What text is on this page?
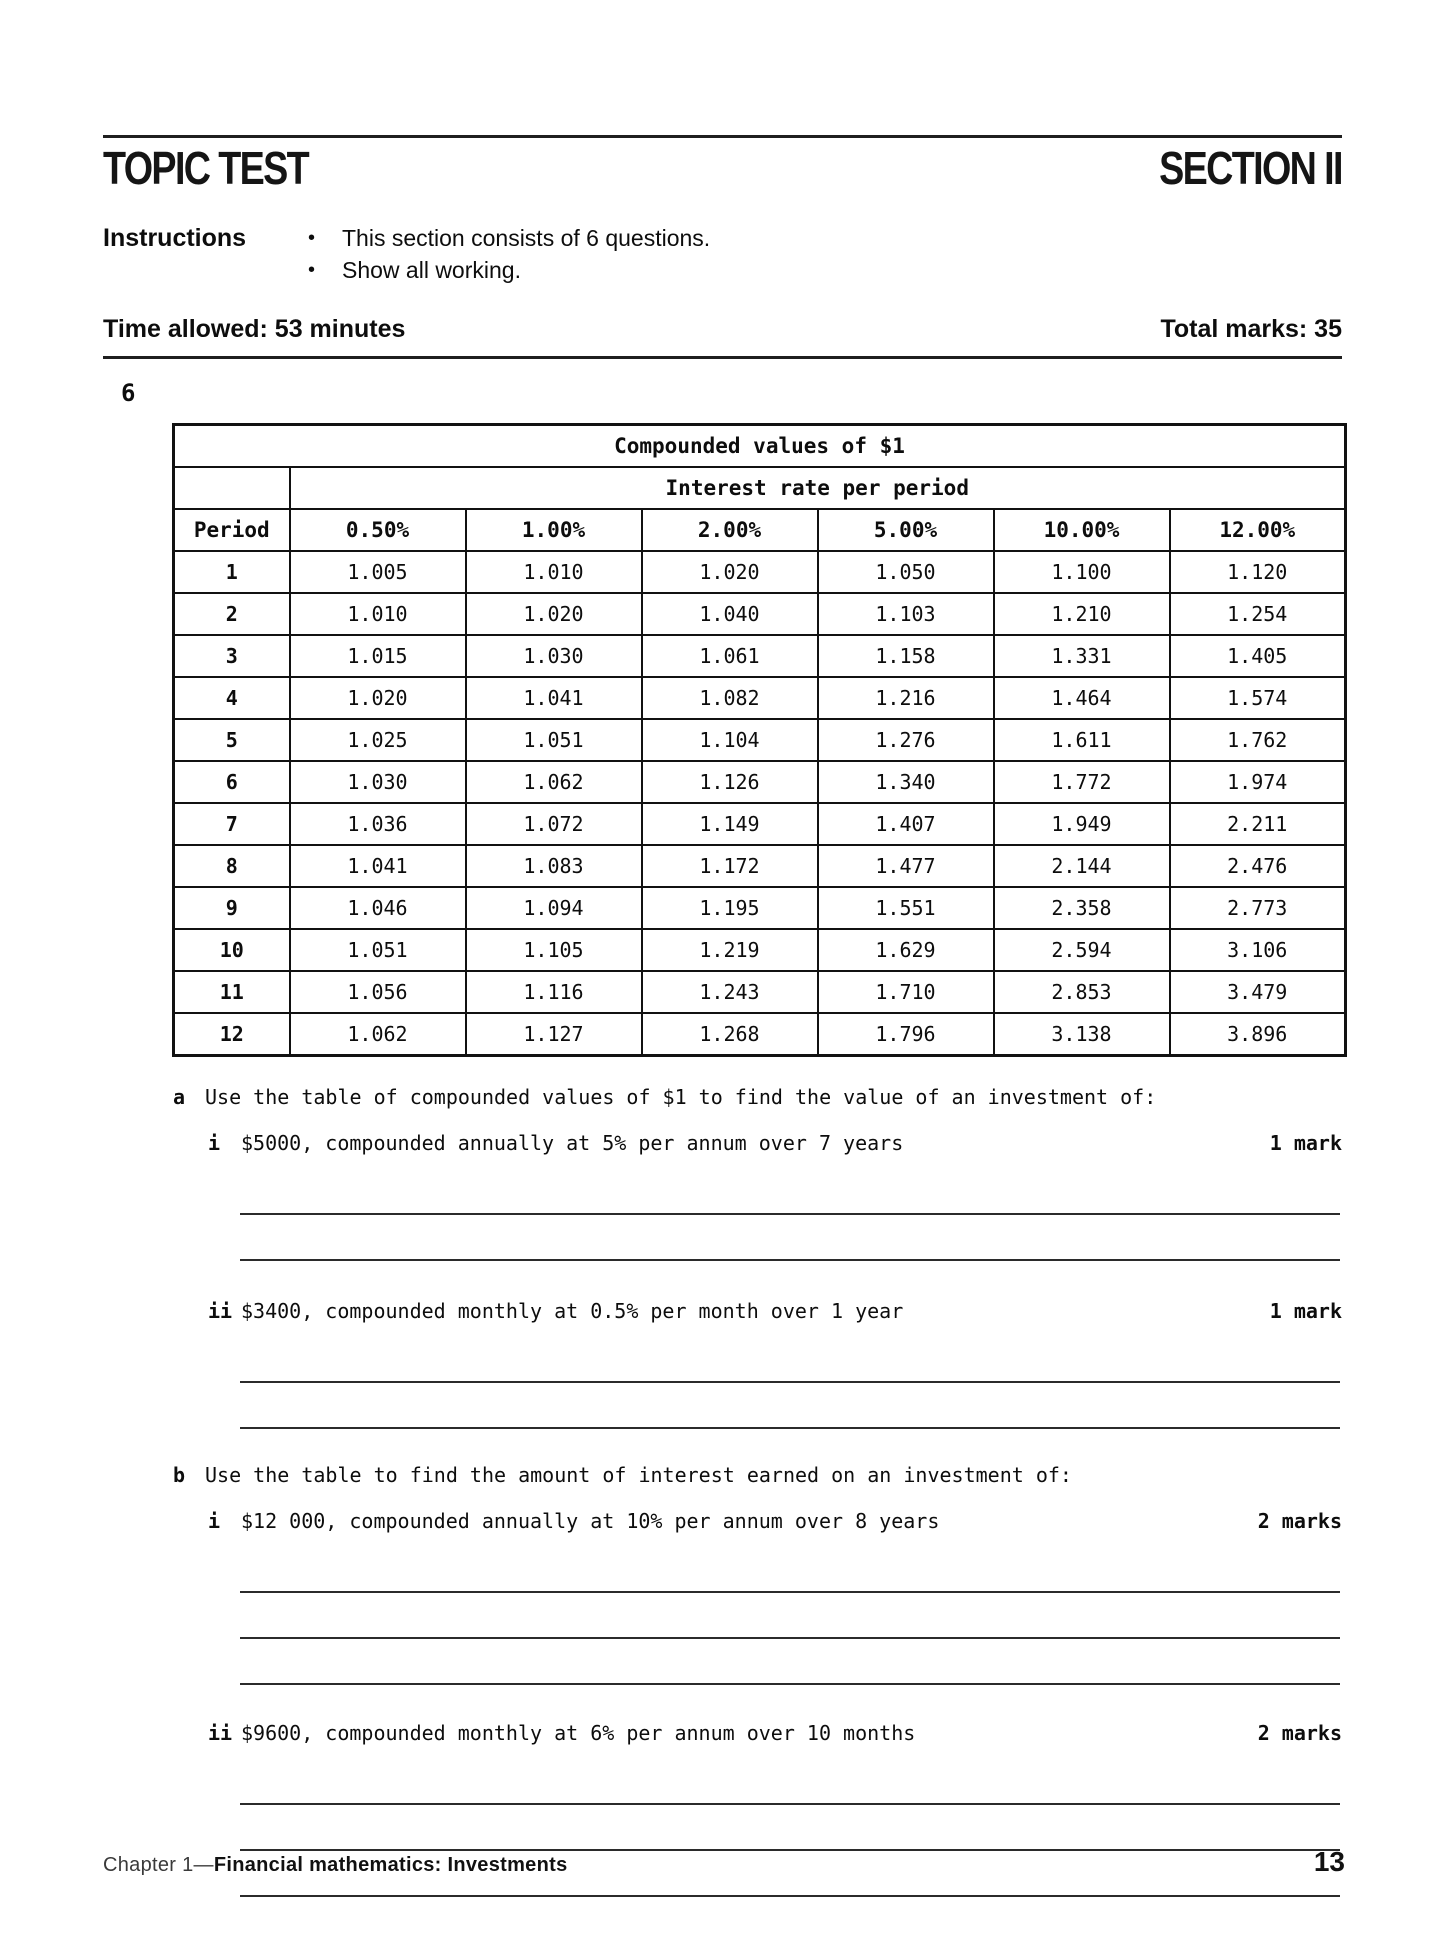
TOPIC TEST	SECTION II
Instructions	•	This section consists of 6 questions.
•	Show all working.
Time allowed: 53 minutes	Total marks: 35
6
Compounded values of $1						
	Interest rate per period					
Period	0.50%	1.00%	2.00%	5.00%	10.00%	12.00%
1	1.005	1.010	1.020	1.050	1.100	1.120
2	1.010	1.020	1.040	1.103	1.210	1.254
3	1.015	1.030	1.061	1.158	1.331	1.405
4	1.020	1.041	1.082	1.216	1.464	1.574
5	1.025	1.051	1.104	1.276	1.611	1.762
6	1.030	1.062	1.126	1.340	1.772	1.974
7	1.036	1.072	1.149	1.407	1.949	2.211
8	1.041	1.083	1.172	1.477	2.144	2.476
9	1.046	1.094	1.195	1.551	2.358	2.773
10	1.051	1.105	1.219	1.629	2.594	3.106
11	1.056	1.116	1.243	1.710	2.853	3.479
12	1.062	1.127	1.268	1.796	3.138	3.896
a Use the table of compounded values of $1 to find the value of an investment of:
i	$5000, compounded annually at 5% per annum over 7 years	1 mark
ii $3400, compounded monthly at 0.5% per month over 1 year	1 mark
b Use the table to find the amount of interest earned on an investment of:
i	$12 000, compounded annually at 10% per annum over 8 years	2 marks
ii $9600, compounded monthly at 6% per annum over 10 months	2 marks
Chapter 1—Financial mathematics: Investments	13
